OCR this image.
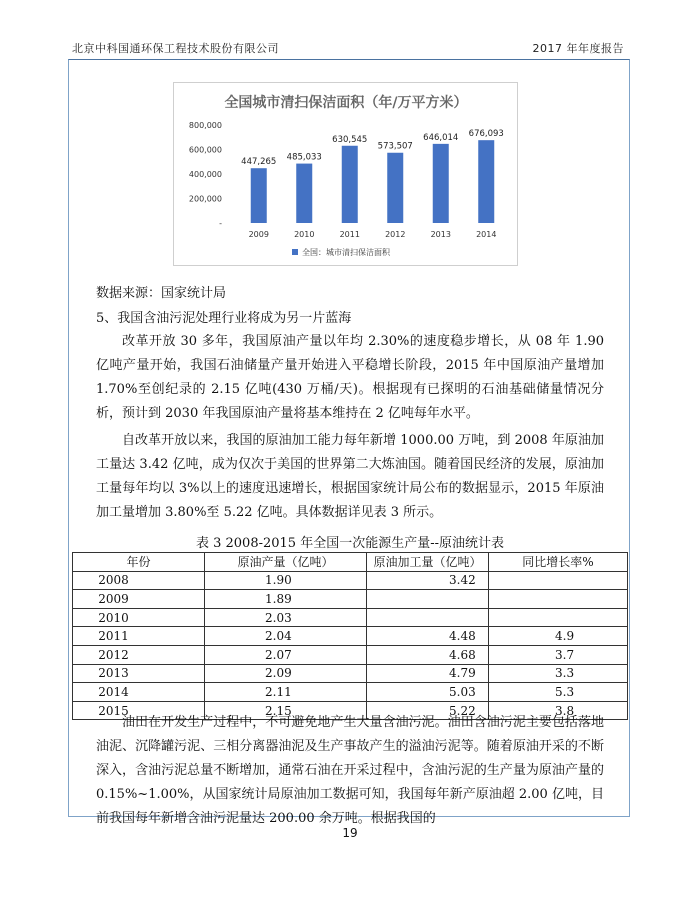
北京中科国通环保工程技术股份有限公司	2017 年年度报告
全国城市清扫保洁面积（年/万平方米）
800,000
600,000
400,000
200,000
-
447,265 485,033
630,545
573,507
646,014 676,093
2009	2010	2011	2012	2013	2014
全国：城市清扫保洁面积
数据来源：国家统计局
5、我国含油污泥处理行业将成为另一片蓝海
改革开放 30 多年，我国原油产量以年均 2.30%的速度稳步增长，从 08 年 1.90 亿吨产量开始，我国石油储量产量开始进入平稳增长阶段，2015 年中国原油产量增加 1.70%至创纪录的 2.15 亿吨(430 万桶/天)。根据现有已探明的石油基础储量情况分析，预计到 2030 年我国原油产量将基本维持在 2 亿吨每年水平。
自改革开放以来，我国的原油加工能力每年新增 1000.00 万吨，到 2008 年原油加工量达 3.42 亿吨，成为仅次于美国的世界第二大炼油国。随着国民经济的发展，原油加工量每年均以 3%以上的速度迅速增长，根据国家统计局公布的数据显示，2015 年原油加工量增加 3.80%至 5.22 亿吨。具体数据详见表 3 所示。
表 3 2008-2015 年全国一次能源生产量--原油统计表
年份	原油产量（亿吨）	原油加工量（亿吨）	同比增长率%
2008	1.90	3.42	
2009	1.89		
2010	2.03		
2011	2.04	4.48	4.9
2012	2.07	4.68	3.7
2013	2.09	4.79	3.3
2014	2.11	5.03	5.3
2015	2.15	5.22	3.8
油田在开发生产过程中，不可避免地产生大量含油污泥。油田含油污泥主要包括落地油泥、沉降罐污泥、三相分离器油泥及生产事故产生的溢油污泥等。随着原油开采的不断深入，含油污泥总量不断增加，通常石油在开采过程中，含油污泥的生产量为原油产量的 0.15%~1.00%，从国家统计局原油加工数据可知，我国每年新产原油超 2.00 亿吨，目前我国每年新增含油污泥量达 200.00 余万吨。根据我国的
19
